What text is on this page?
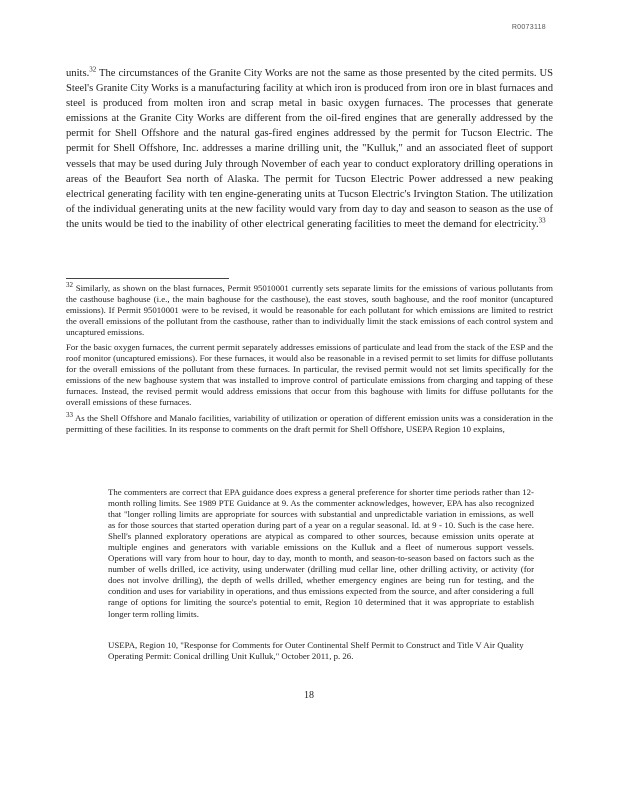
R0073118

units.$^{32}$ The circumstances of the Granite City Works are not the same as those presented by the cited permits. US Steel's Granite City Works is a manufacturing facility at which iron is produced from iron ore in blast furnaces and steel is produced from molten iron and scrap metal in basic oxygen furnaces. The processes that generate emissions at the Granite City Works are different from the oil-fired engines that are generally addressed by the permit for Shell Offshore and the natural gas-fired engines addressed by the permit for Tucson Electric. The permit for Shell Offshore, Inc. addresses a marine drilling unit, the "Kulluk," and an associated fleet of support vessels that may be used during July through November of each year to conduct exploratory drilling operations in areas of the Beaufort Sea north of Alaska. The permit for Tucson Electric Power addressed a new peaking electrical generating facility with ten engine-generating units at Tucson Electric's Irvington Station. The utilization of the individual generating units at the new facility would vary from day to day and season to season as the use of the units would be tied to the inability of other electrical generating facilities to meet the demand for electricity.$^{33}$

$^{32}$ Similarly, as shown on the blast furnaces, Permit 95010001 currently sets separate limits for the emissions of various pollutants from the casthouse baghouse (i.e., the main baghouse for the casthouse), the east stoves, south baghouse, and the roof monitor (uncaptured emissions). If Permit 95010001 were to be revised, it would be reasonable for each pollutant for which emissions are limited to restrict the overall emissions of the pollutant from the casthouse, rather than to individually limit the stack emissions of each control system and uncaptured emissions.

For the basic oxygen furnaces, the current permit separately addresses emissions of particulate and lead from the stack of the ESP and the roof monitor (uncaptured emissions). For these furnaces, it would also be reasonable in a revised permit to set limits for diffuse pollutants for the overall emissions of the pollutant from these furnaces. In particular, the revised permit would not set limits specifically for the emissions of the new baghouse system that was installed to improve control of particulate emissions from charging and tapping of these furnaces. Instead, the revised permit would address emissions that occur from this baghouse with limits for diffuse pollutants for the overall emissions of these furnaces.

$^{33}$ As the Shell Offshore and Manalo facilities, variability of utilization or operation of different emission units was a consideration in the permitting of these facilities. In its response to comments on the draft permit for Shell Offshore, USEPA Region 10 explains,

The commenters are correct that EPA guidance does express a general preference for shorter time periods rather than 12-month rolling limits. See 1989 PTE Guidance at 9. As the commenter acknowledges, however, EPA has also recognized that "longer rolling limits are appropriate for sources with substantial and unpredictable variation in emissions, as well as for those sources that started operation during part of a year on a regular seasonal. Id. at 9 - 10. Such is the case here. Shell's planned exploratory operations are atypical as compared to other sources, because emission units operate at multiple engines and generators with variable emissions on the Kulluk and a fleet of numerous support vessels. Operations will vary from hour to hour, day to day, month to month, and season-to-season based on factors such as the number of wells drilled, ice activity, using underwater (drilling mud cellar line, other drilling activity, or activity (for does not involve drilling), the depth of wells drilled, whether emergency engines are being run for testing, and the condition and uses for variability in operations, and thus emissions expected from the source, and after considering a full range of options for limiting the source's potential to emit, Region 10 determined that it was appropriate to establish longer term rolling limits.
USEPA, Region 10, "Response for Comments for Outer Continental Shelf Permit to Construct and Title V Air Quality Operating Permit: Conical drilling Unit Kulluk," October 2011, p. 26.
18
